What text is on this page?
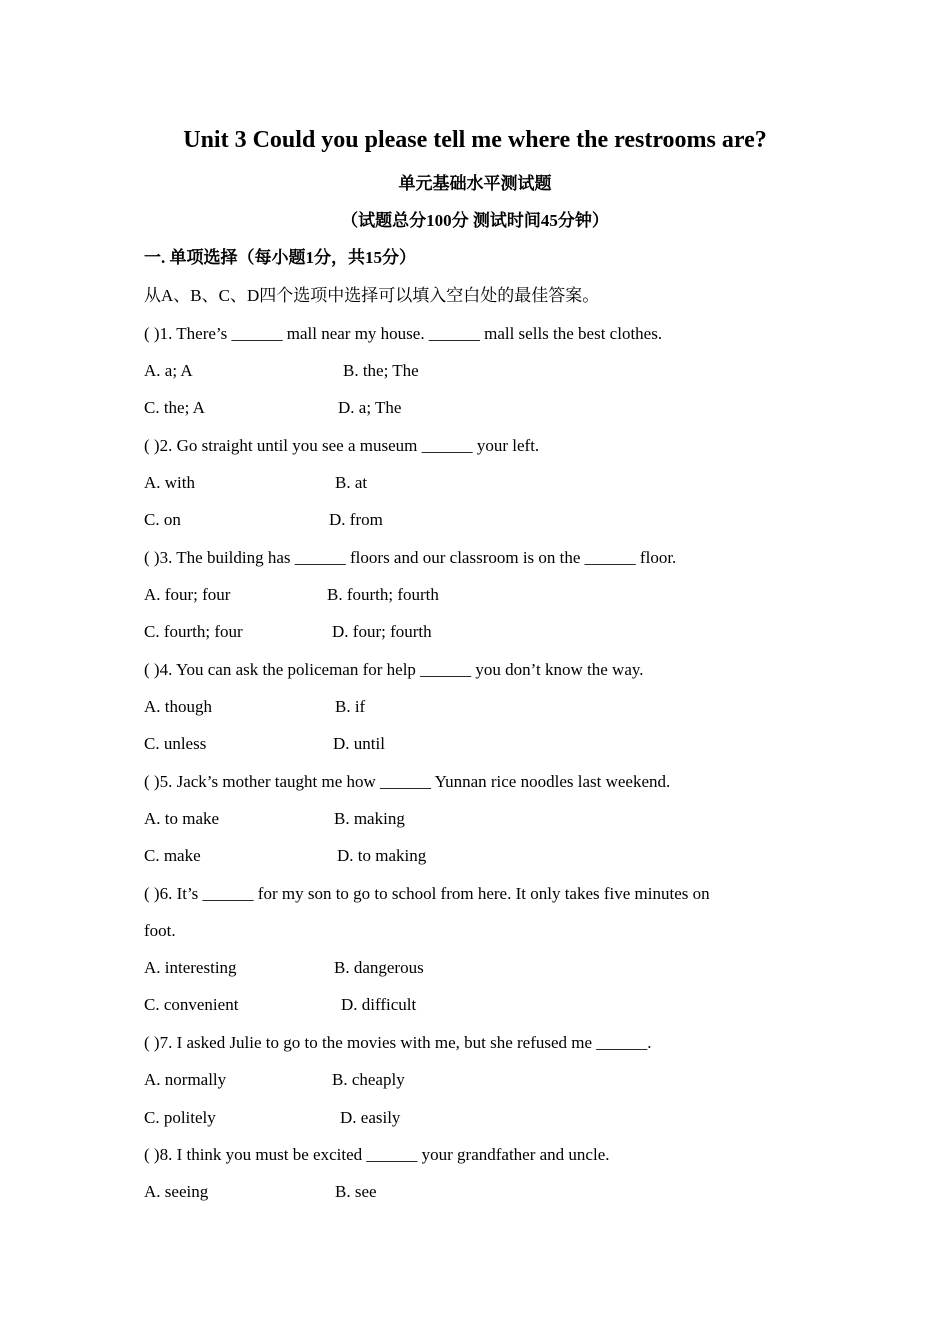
Unit 3 Could you please tell me where the restrooms are?
单元基础水平测试题
（试题总分100分 测试时间45分钟）
一. 单项选择（每小题1分，共15分）
从A、B、C、D四个选项中选择可以填入空白处的最佳答案。
( )1. There’s ______ mall near my house. ______ mall sells the best clothes.
A. a; A	B. the; The
C. the; A	D. a; The
( )2. Go straight until you see a museum ______ your left.
A. with	B. at
C. on	D. from
( )3. The building has ______ floors and our classroom is on the ______ floor.
A. four; four	B. fourth; fourth
C. fourth; four	D. four; fourth
( )4. You can ask the policeman for help ______ you don’t know the way.
A. though	B. if
C. unless	D. until
( )5. Jack’s mother taught me how ______ Yunnan rice noodles last weekend.
A. to make	B. making
C. make	D. to making
( )6. It’s ______ for my son to go to school from here. It only takes five minutes on
foot.
A. interesting	B. dangerous
C. convenient	D. difficult
( )7. I asked Julie to go to the movies with me, but she refused me ______.
A. normally	B. cheaply
C. politely	D. easily
( )8. I think you must be excited ______ your grandfather and uncle.
A. seeing	B. see
